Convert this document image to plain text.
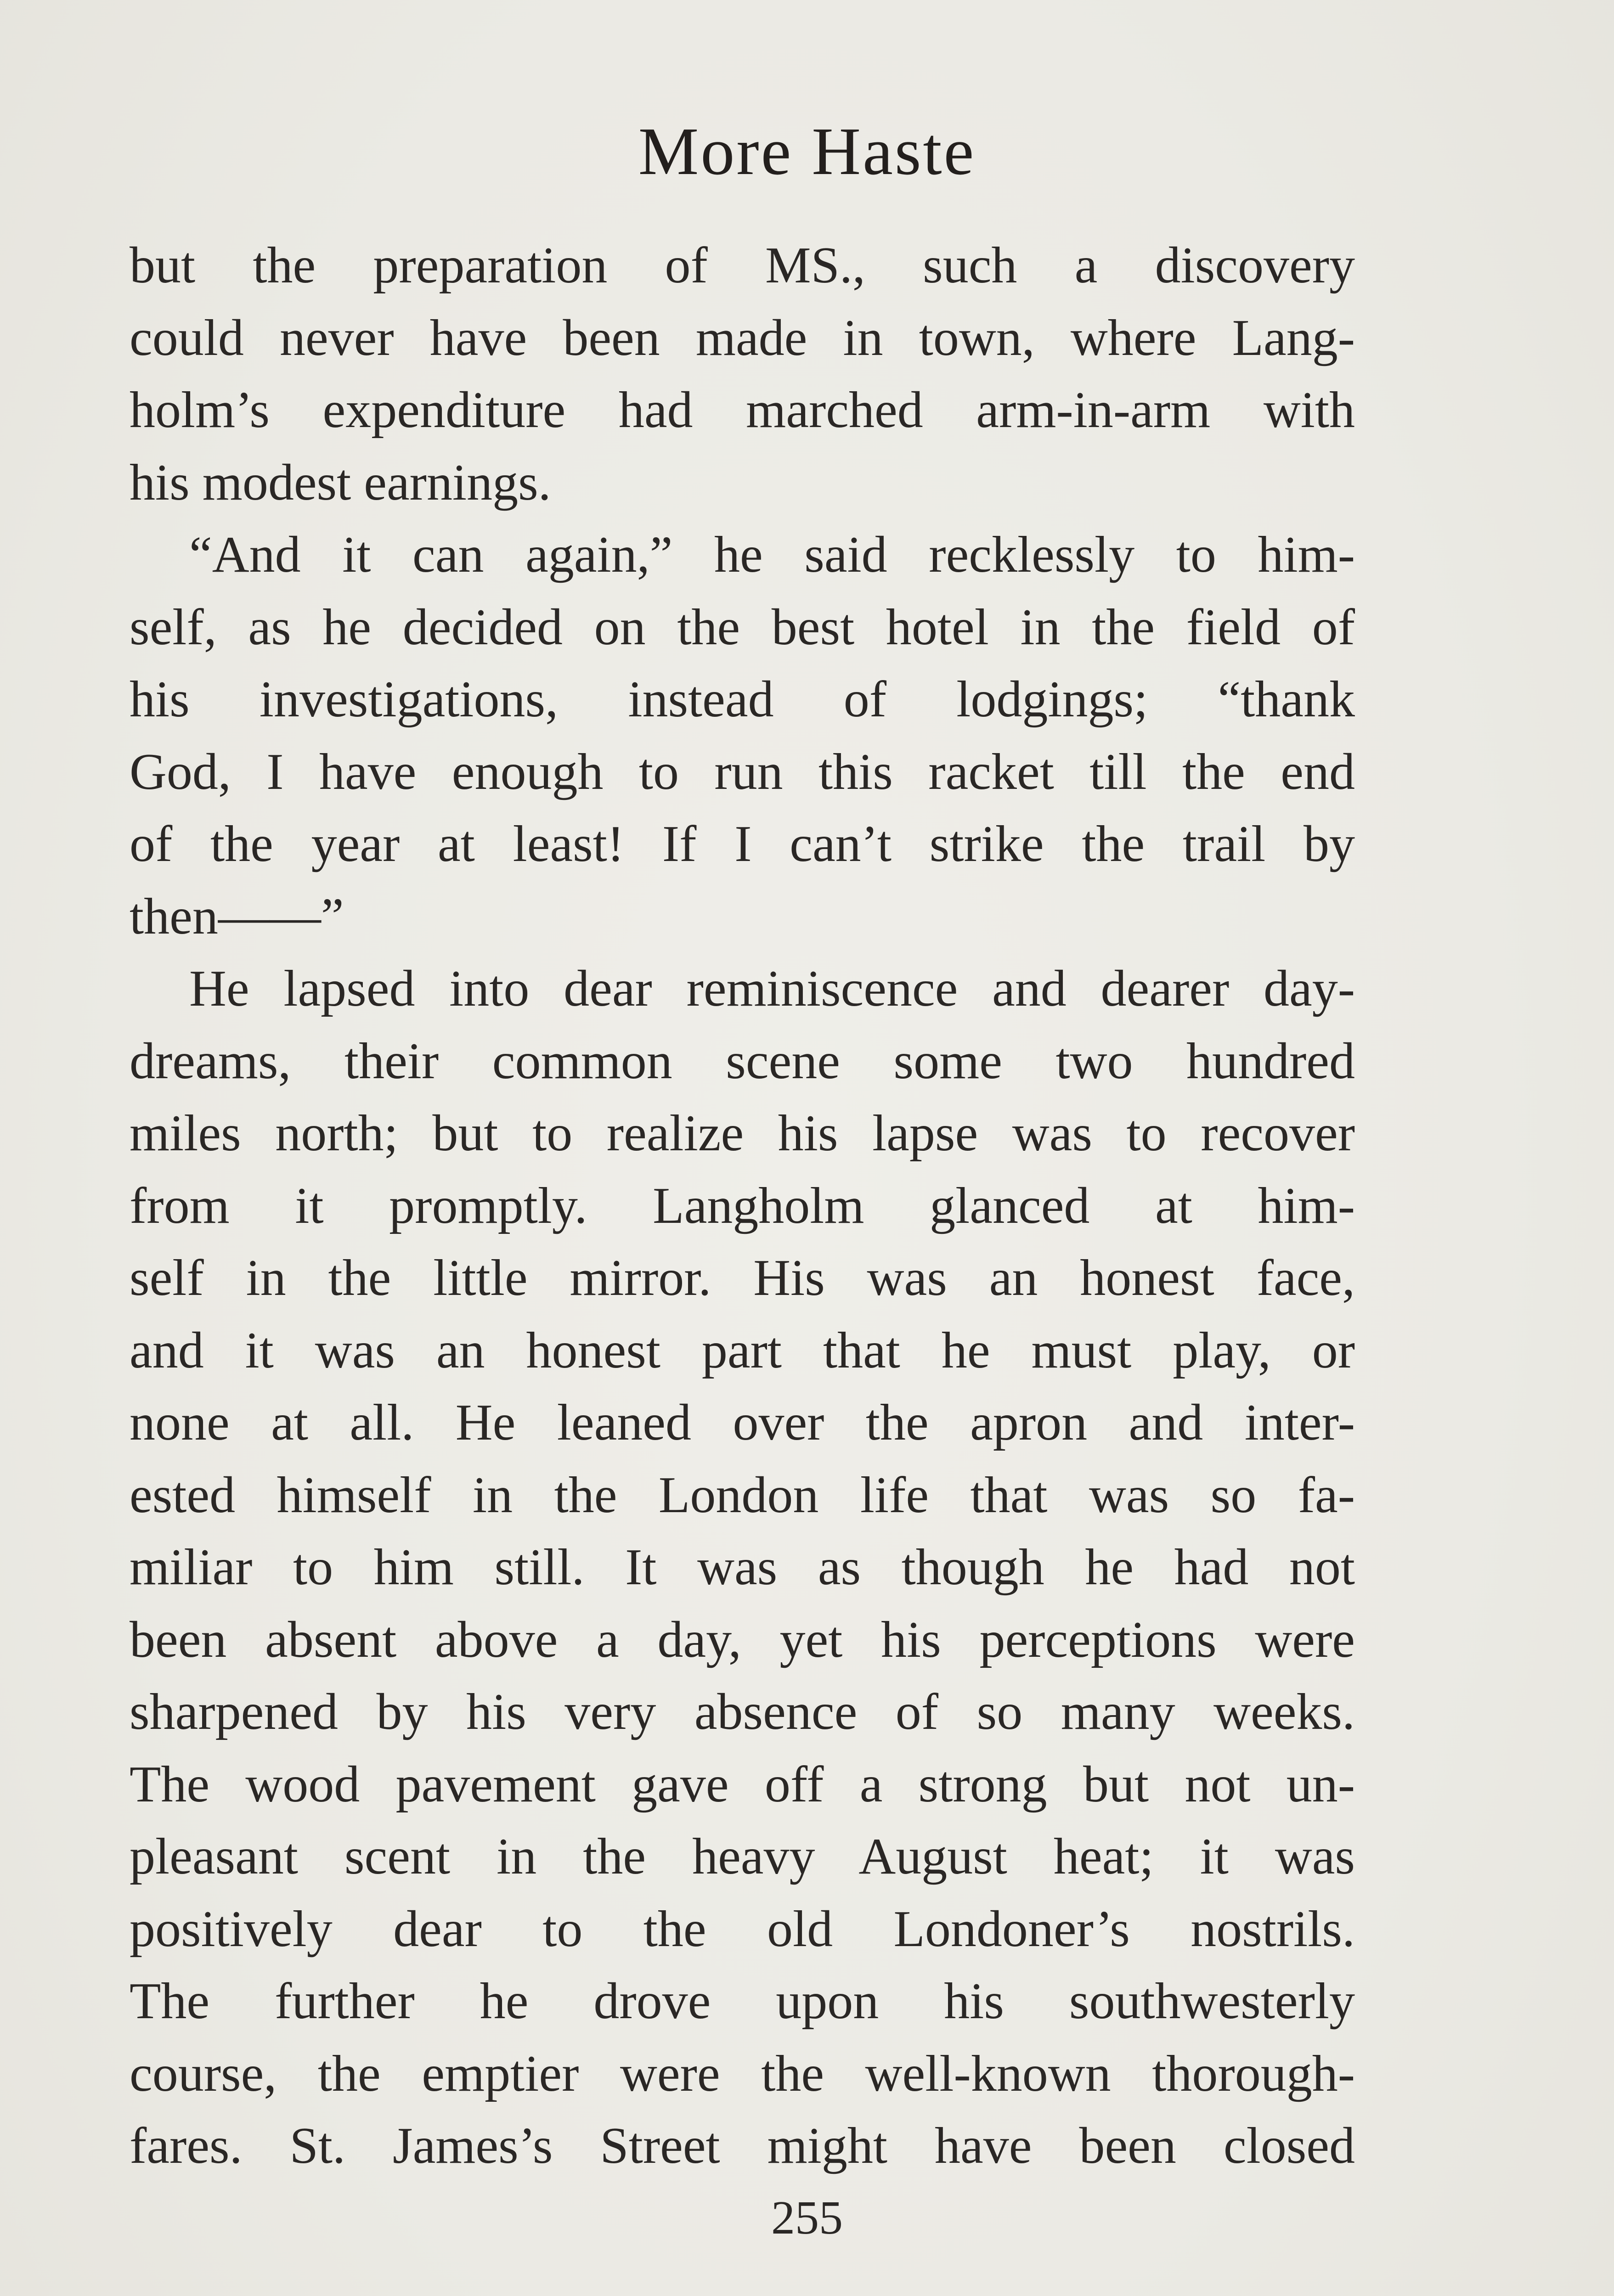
More Haste
but the preparation of MS., such a discovery
could never have been made in town, where Lang-
holm’s expenditure had marched arm-in-arm with
his modest earnings.
“And it can again,” he said recklessly to him-
self, as he decided on the best hotel in the field of
his investigations, instead of lodgings; “thank
God, I have enough to run this racket till the end
of the year at least! If I can’t strike the trail by
then——”
He lapsed into dear reminiscence and dearer day-
dreams, their common scene some two hundred
miles north; but to realize his lapse was to recover
from it promptly. Langholm glanced at him-
self in the little mirror. His was an honest face,
and it was an honest part that he must play, or
none at all. He leaned over the apron and inter-
ested himself in the London life that was so fa-
miliar to him still. It was as though he had not
been absent above a day, yet his perceptions were
sharpened by his very absence of so many weeks.
The wood pavement gave off a strong but not un-
pleasant scent in the heavy August heat; it was
positively dear to the old Londoner’s nostrils.
The further he drove upon his southwesterly
course, the emptier were the well-known thorough-
fares. St. James’s Street might have been closed
255
